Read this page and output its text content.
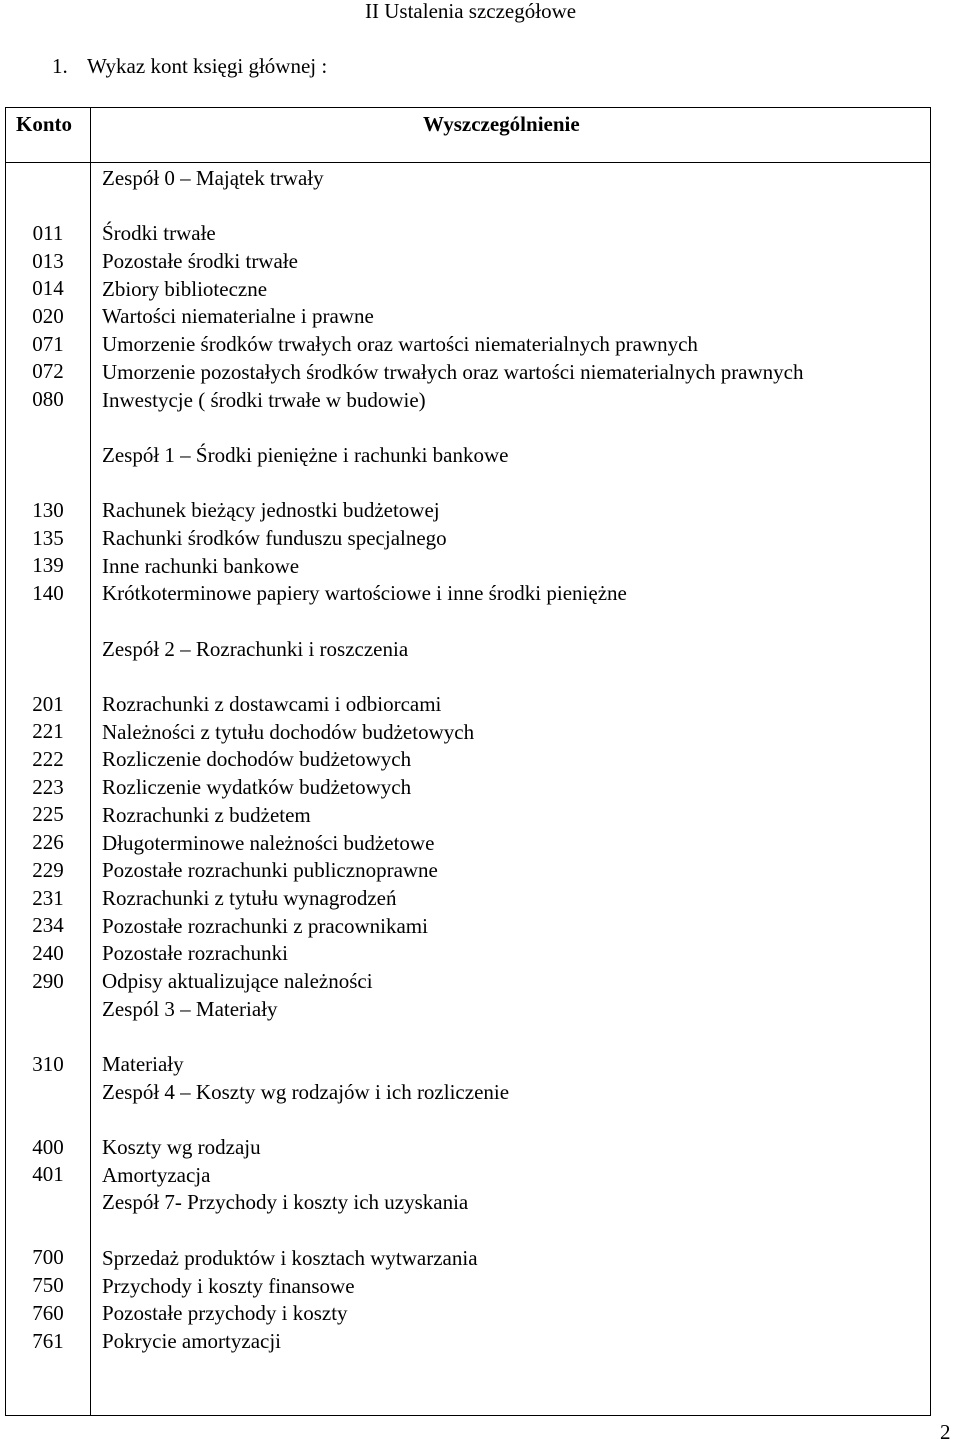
II Ustalenia szczegółowe
1. Wykaz kont księgi głównej :
Konto	Wyszczególnienie
011
013
014
020
071
072
080
130
135
139
140
201
221
222
223
225
226
229
231
234
240
290
310
400
401
700
750
760
761
Zespół 0 – Majątek trwały
Środki trwałe
Pozostałe środki trwałe
Zbiory biblioteczne
Wartości niematerialne i prawne
Umorzenie środków trwałych oraz wartości niematerialnych prawnych
Umorzenie pozostałych środków trwałych oraz wartości niematerialnych prawnych
Inwestycje ( środki trwałe w budowie)
Zespół 1 – Środki pieniężne i rachunki bankowe
Rachunek bieżący jednostki budżetowej
Rachunki środków funduszu specjalnego
Inne rachunki bankowe
Krótkoterminowe papiery wartościowe i inne środki pieniężne
Zespół 2 – Rozrachunki i roszczenia
Rozrachunki z dostawcami i odbiorcami
Należności z tytułu dochodów budżetowych
Rozliczenie dochodów budżetowych
Rozliczenie wydatków budżetowych
Rozrachunki z budżetem
Długoterminowe należności budżetowe
Pozostałe rozrachunki publicznoprawne
Rozrachunki z tytułu wynagrodzeń
Pozostałe rozrachunki z pracownikami
Pozostałe rozrachunki
Odpisy aktualizujące należności
Zespól 3 – Materiały
Materiały
Zespół 4 – Koszty wg rodzajów i ich rozliczenie
Koszty wg rodzaju
Amortyzacja
Zespół 7- Przychody i koszty ich uzyskania
Sprzedaż produktów i kosztach wytwarzania
Przychody i koszty finansowe
Pozostałe przychody i koszty
Pokrycie amortyzacji
2
